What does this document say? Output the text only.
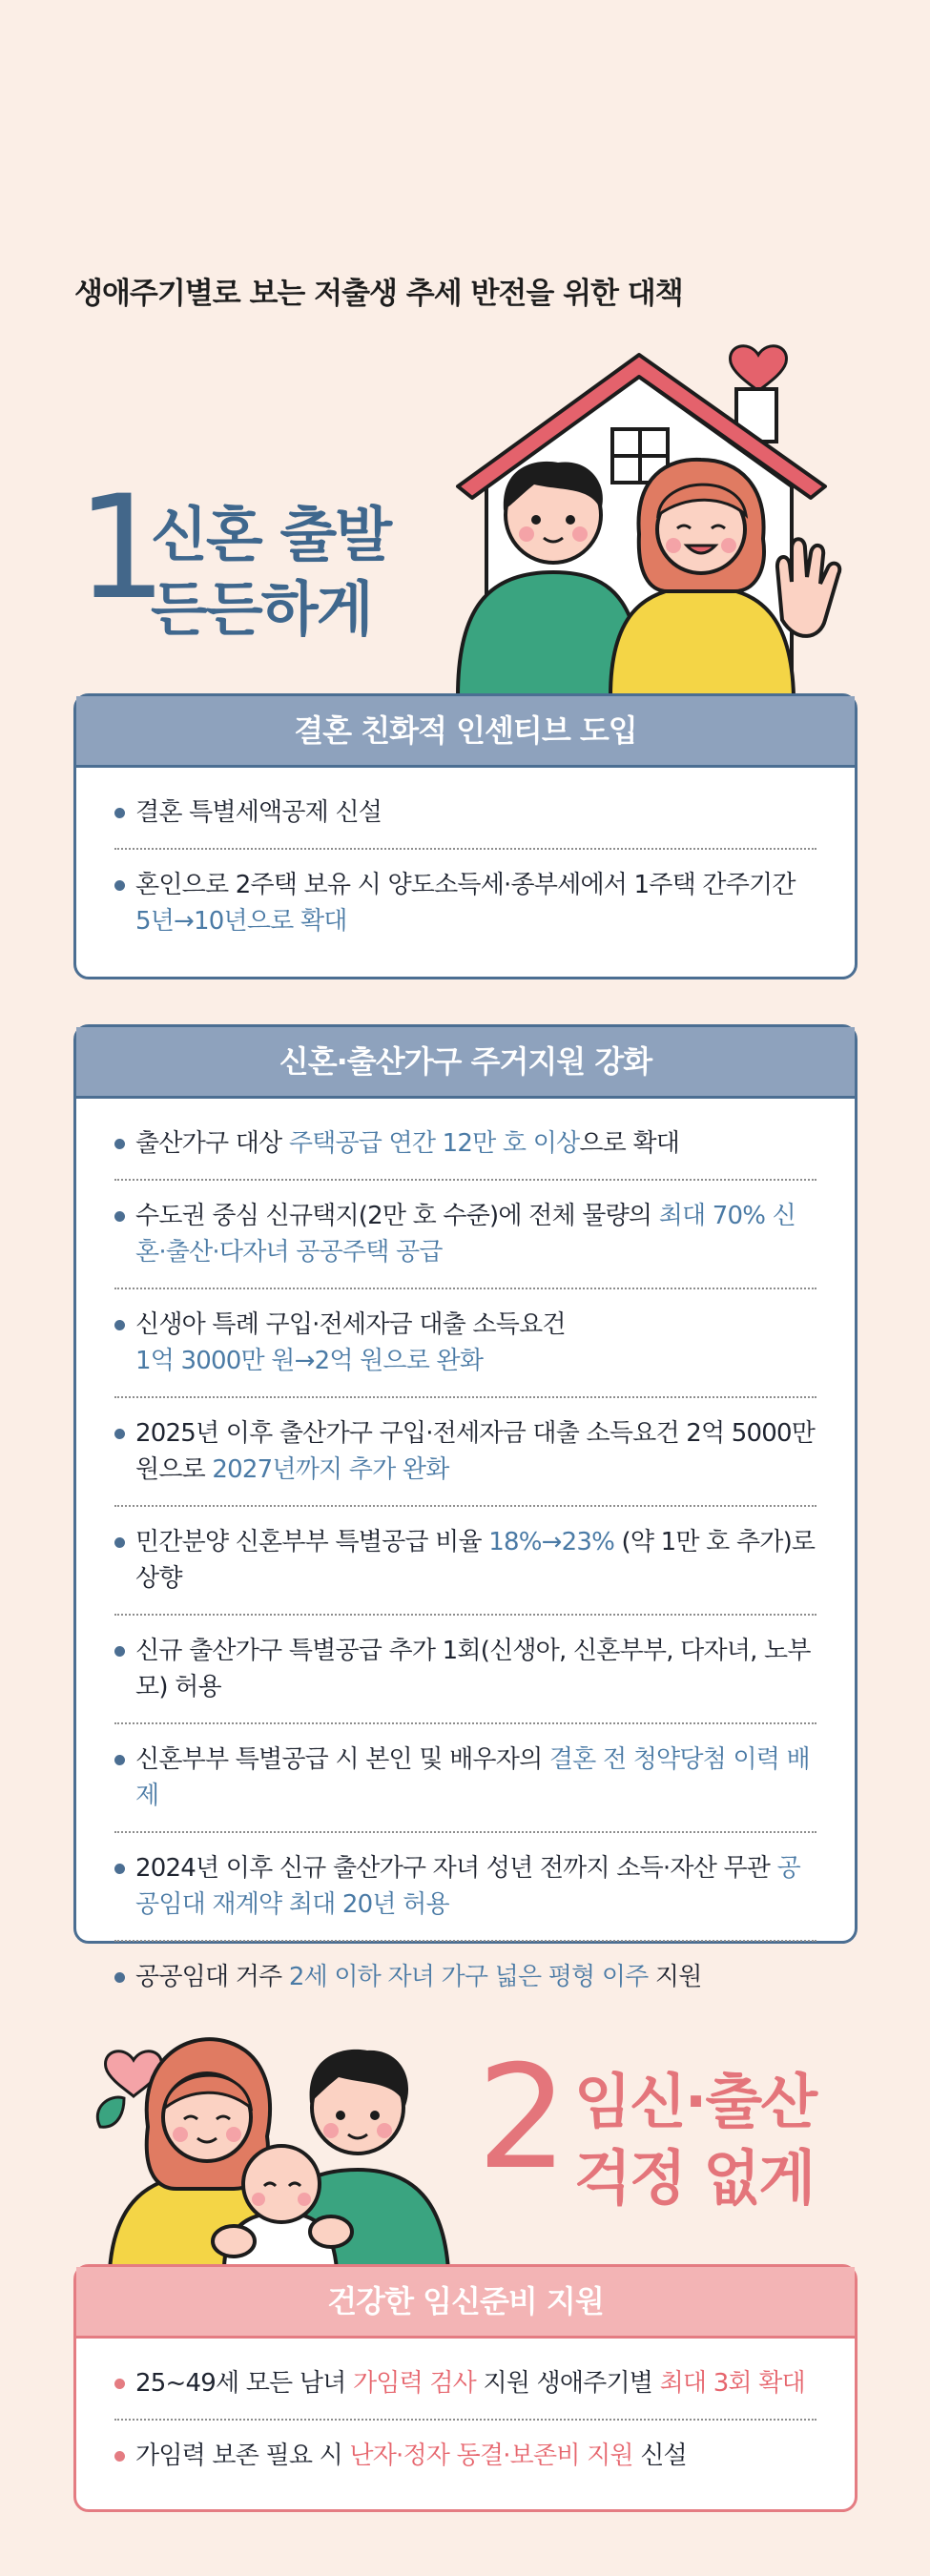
생애주기별로 보는 저출생 추세 반전을 위한 대책
1
신혼 출발
든든하게
결혼 친화적 인센티브 도입
결혼 특별세액공제 신설
혼인으로 2주택 보유 시 양도소득세·종부세에서 1주택 간주기간 5년→10년으로 확대
신혼·출산가구 주거지원 강화
출산가구 대상 주택공급 연간 12만 호 이상으로 확대
수도권 중심 신규택지(2만 호 수준)에 전체 물량의 최대 70% 신혼·출산·다자녀 공공주택 공급
신생아 특례 구입·전세자금 대출 소득요건
1억 3000만 원→2억 원으로 완화
2025년 이후 출산가구 구입·전세자금 대출 소득요건 2억 5000만 원으로 2027년까지 추가 완화
민간분양 신혼부부 특별공급 비율 18%→23% (약 1만 호 추가)로 상향
신규 출산가구 특별공급 추가 1회(신생아, 신혼부부, 다자녀, 노부모) 허용
신혼부부 특별공급 시 본인 및 배우자의 결혼 전 청약당첨 이력 배제
2024년 이후 신규 출산가구 자녀 성년 전까지 소득·자산 무관 공공임대 재계약 최대 20년 허용
공공임대 거주 2세 이하 자녀 가구 넓은 평형 이주 지원
2 임신·출산
걱정 없게
건강한 임신준비 지원
25~49세 모든 남녀 가임력 검사 지원 생애주기별 최대 3회 확대
가임력 보존 필요 시 난자·정자 동결·보존비 지원 신설
